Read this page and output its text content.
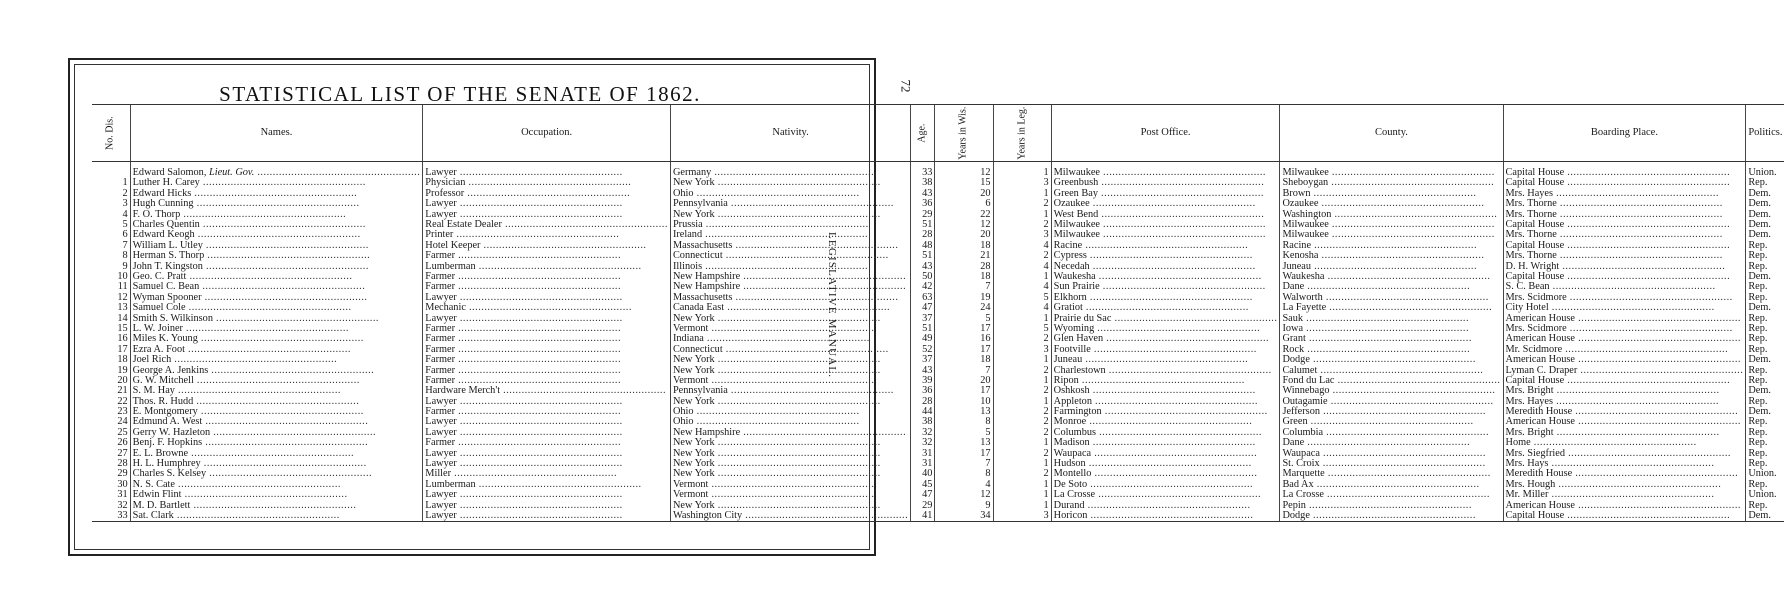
STATISTICAL LIST OF THE SENATE OF 1862.	72
No. Dis.	Names.	Occupation.	Nativity.	Age.	Years in Wis.	Years in Leg.	Post Office.	County.	Boarding Place.	Politics.
	Edward Salomon, Lieut. Gov. .....	Lawyer .....	Germany .....	33	12	1	Milwaukee .....	Milwaukee .....	Capital House .....	Union.
1	Luther H. Carey .....	Physician .....	New York .....	38	15	3	Greenbush .....	Sheboygan .....	Capital House .....	Rep.
2	Edward Hicks .....	Professor .....	Ohio .....	43	20	1	Green Bay .....	Brown .....	Mrs. Hayes .....	Dem.
3	Hugh Cunning .....	Lawyer .....	Pennsylvania .....	36	6	2	Ozaukee .....	Ozaukee .....	Mrs. Thorne .....	Dem.
4	F. O. Thorp .....	Lawyer .....	New York .....	29	22	1	West Bend .....	Washington .....	Mrs. Thorne .....	Dem.
5	Charles Quentin .....	Real Estate Dealer .....	Prussia .....	51	12	2	Milwaukee .....	Milwaukee .....	Capital House .....	Dem.
6	Edward Keogh .....	Printer .....	Ireland .....	28	20	3	Milwaukee .....	Milwaukee .....	Mrs. Thorne .....	Dem.
7	William L. Utley .....	Hotel Keeper .....	Massachusetts .....	48	18	4	Racine .....	Racine .....	Capital House .....	Rep.
8	Herman S. Thorp .....	Farmer .....	Connecticut .....	51	21	2	Cypress .....	Kenosha .....	Mrs. Thorne .....	Rep.
9	John T. Kingston .....	Lumberman .....	Illinois .....	43	28	4	Necedah .....	Juneau .....	D. H. Wright .....	Rep.
10	Geo. C. Pratt .....	Farmer .....	New Hampshire .....	50	18	1	Waukesha .....	Waukesha .....	Capital House .....	Dem.
11	Samuel C. Bean .....	Farmer .....	New Hampshire .....	42	7	4	Sun Prairie .....	Dane .....	S. C. Bean .....	Rep.
12	Wyman Spooner .....	Lawyer .....	Massachusetts .....	63	19	5	Elkhorn .....	Walworth .....	Mrs. Scidmore .....	Rep.
13	Samuel Cole .....	Mechanic .....	Canada East .....	47	24	4	Gratiot .....	La Fayette .....	City Hotel .....	Dem.
14	Smith S. Wilkinson .....	Lawyer .....	New York .....	37	5	1	Prairie du Sac .....	Sauk .....	American House .....	Rep.
15	L. W. Joiner .....	Farmer .....	Vermont .....	51	17	5	Wyoming .....	Iowa .....	Mrs. Scidmore .....	Rep.
16	Miles K. Young .....	Farmer .....	Indiana .....	49	16	2	Glen Haven .....	Grant .....	American House .....	Rep.
17	Ezra A. Foot .....	Farmer .....	Connecticut .....	52	17	3	Footville .....	Rock .....	Mr. Scidmore .....	Rep.
18	Joel Rich .....	Farmer .....	New York .....	37	18	1	Juneau .....	Dodge .....	American House .....	Dem.
19	George A. Jenkins .....	Farmer .....	New York .....	43	7	2	Charlestown .....	Calumet .....	Lyman C. Draper .....	Rep.
20	G. W. Mitchell .....	Farmer .....	Vermont .....	39	20	1	Ripon .....	Fond du Lac .....	Capital House .....	Rep.
21	S. M. Hay .....	Hardware Merch't .....	Pennsylvania .....	36	17	2	Oshkosh .....	Winnebago .....	Mrs. Bright .....	Dem.
22	Thos. R. Hudd .....	Lawyer .....	New York .....	28	10	1	Appleton .....	Outagamie .....	Mrs. Hayes .....	Rep.
23	E. Montgomery .....	Farmer .....	Ohio .....	44	13	2	Farmington .....	Jefferson .....	Meredith House .....	Dem.
24	Edmund A. West .....	Lawyer .....	Ohio .....	38	8	2	Monroe .....	Green .....	American House .....	Rep.
25	Gerry W. Hazleton .....	Lawyer .....	New Hampshire .....	32	5	2	Columbus .....	Columbia .....	Mrs. Bright .....	Rep.
26	Benj. F. Hopkins .....	Farmer .....	New York .....	32	13	1	Madison .....	Dane .....	Home .....	Rep.
27	E. L. Browne .....	Lawyer .....	New York .....	31	17	2	Waupaca .....	Waupaca .....	Mrs. Siegfried .....	Rep.
28	H. L. Humphrey .....	Lawyer .....	New York .....	31	7	1	Hudson .....	St. Croix .....	Mrs. Hays .....	Rep.
29	Charles S. Kelsey .....	Miller .....	New York .....	40	8	2	Montello .....	Marquette .....	Meredith House .....	Union.
30	N. S. Cate .....	Lumberman .....	Vermont .....	45	4	1	De Soto .....	Bad Ax .....	Mrs. Hough .....	Rep.
31	Edwin Flint .....	Lawyer .....	Vermont .....	47	12	1	La Crosse .....	La Crosse .....	Mr. Miller .....	Union.
32	M. D. Bartlett .....	Lawyer .....	New York .....	29	9	1	Durand .....	Pepin .....	American House .....	Rep.
33	Sat. Clark .....	Lawyer .....	Washington City .....	41	34	3	Horicon .....	Dodge .....	Capital House .....	Dem.
LEGISLATIVE MANUAL.
